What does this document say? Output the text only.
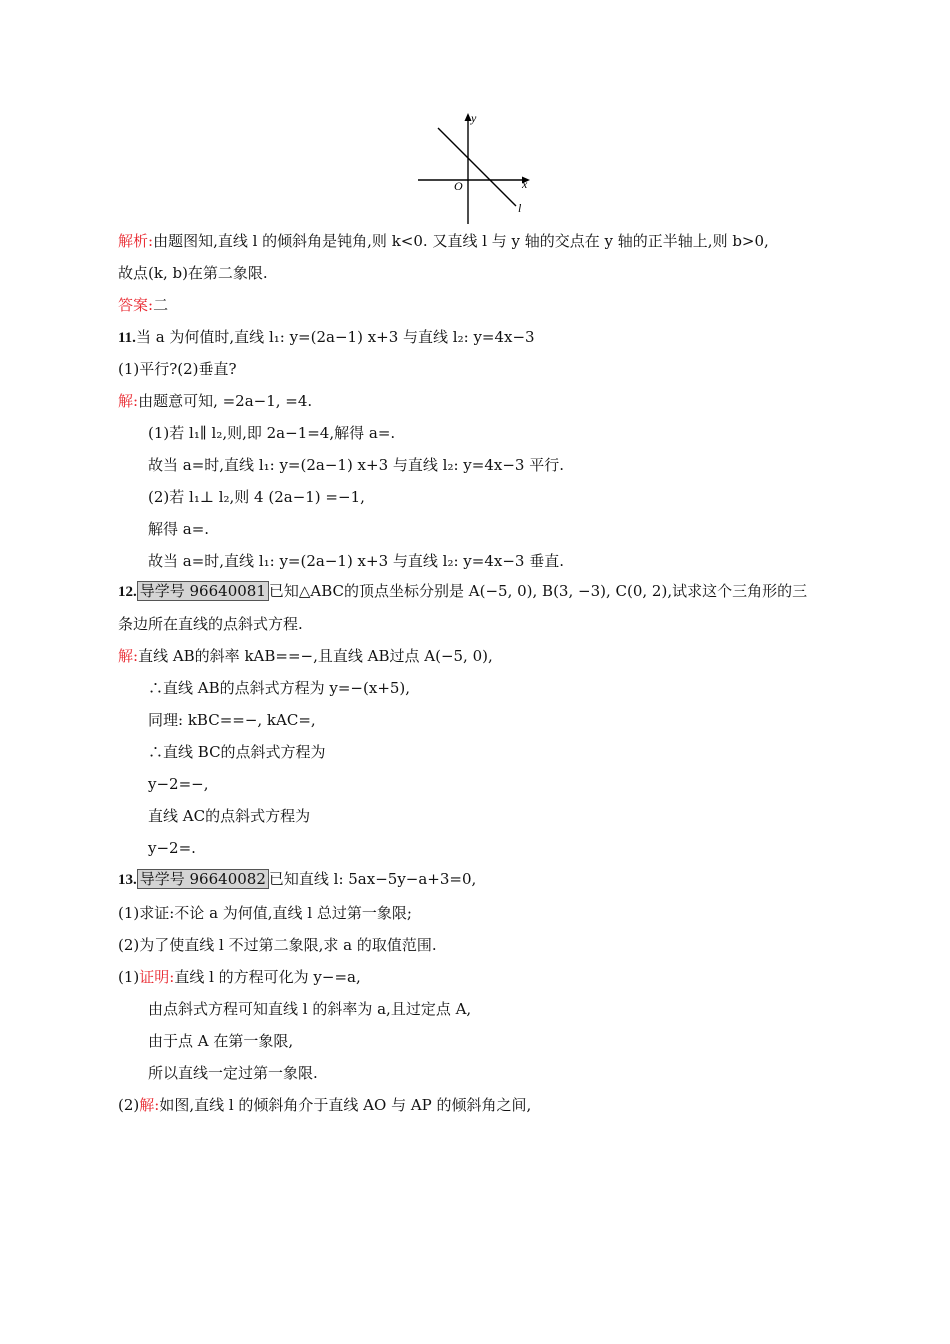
y
x
O
l
解析:由题图知,直线 l 的倾斜角是钝角,则 k<0. 又直线 l 与 y 轴的交点在 y 轴的正半轴上,则 b>0,
故点(k, b)在第二象限.
答案:二
11.当 a 为何值时,直线 l₁: y=(2a−1) x+3 与直线 l₂: y=4x−3
(1)平行?(2)垂直?
解:由题意可知, =2a−1, =4.
(1)若 l₁∥ l₂,则,即 2a−1=4,解得 a=.
故当 a=时,直线 l₁: y=(2a−1) x+3 与直线 l₂: y=4x−3 平行.
(2)若 l₁⊥ l₂,则 4 (2a−1) =−1,
解得 a=.
故当 a=时,直线 l₁: y=(2a−1) x+3 与直线 l₂: y=4x−3 垂直.
12. 导学号 96640081 已知△ABC的顶点坐标分别是 A(−5, 0), B(3, −3), C(0, 2),试求这个三角形的三
条边所在直线的点斜式方程.
解:直线 AB的斜率 kAB==−,且直线 AB过点 A(−5, 0),
∴直线 AB的点斜式方程为 y=−(x+5),
同理: kBC==−, kAC=,
∴直线 BC的点斜式方程为
y−2=−,
直线 AC的点斜式方程为
y−2=.
13. 导学号 96640082 已知直线 l: 5ax−5y−a+3=0,
(1)求证:不论 a 为何值,直线 l 总过第一象限;
(2)为了使直线 l 不过第二象限,求 a 的取值范围.
(1)证明:直线 l 的方程可化为 y−=a,
由点斜式方程可知直线 l 的斜率为 a,且过定点 A,
由于点 A 在第一象限,
所以直线一定过第一象限.
(2)解:如图,直线 l 的倾斜角介于直线 AO 与 AP 的倾斜角之间,
